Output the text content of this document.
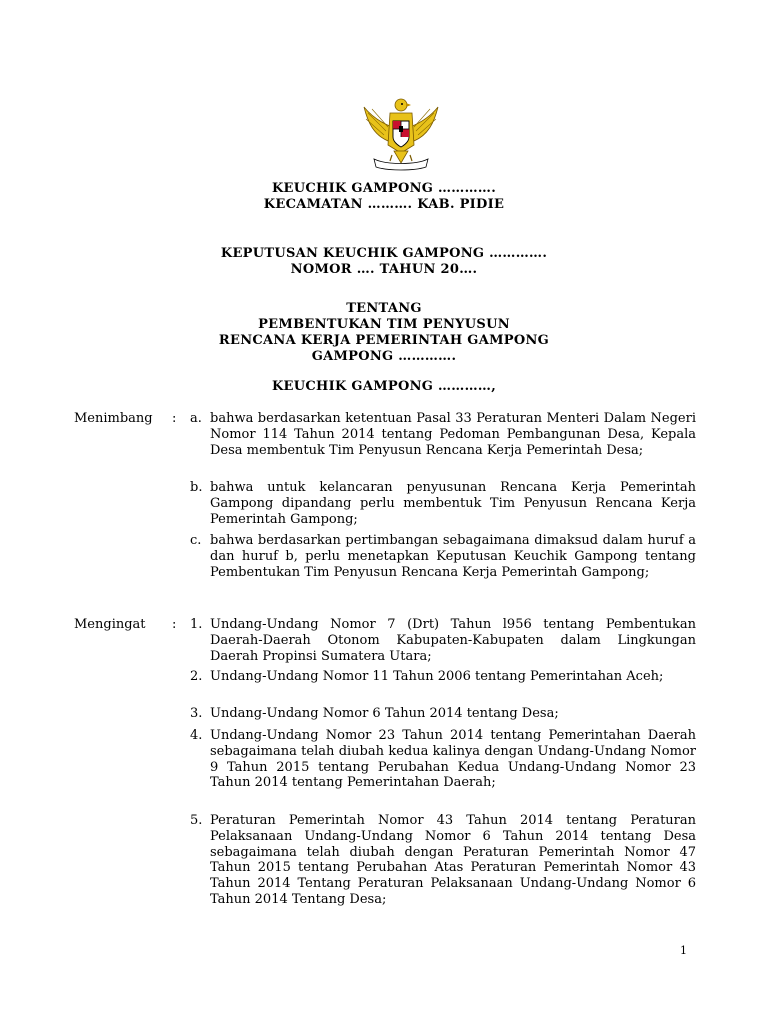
KEUCHIK GAMPONG ………….
KECAMATAN ………. KAB. PIDIE
KEPUTUSAN KEUCHIK GAMPONG ………….
NOMOR …. TAHUN 20….
TENTANG
PEMBENTUKAN TIM PENYUSUN
RENCANA KERJA PEMERINTAH GAMPONG
GAMPONG ………….
KEUCHIK GAMPONG …………,
Menimbang : a. bahwa berdasarkan ketentuan Pasal 33 Peraturan Menteri Dalam Negeri Nomor 114 Tahun 2014 tentang Pedoman Pembangunan Desa, Kepala Desa membentuk Tim Penyusun Rencana Kerja Pemerintah Desa;
b. bahwa untuk kelancaran penyusunan Rencana Kerja Pemerintah Gampong dipandang perlu membentuk Tim Penyusun Rencana Kerja Pemerintah Gampong;
c. bahwa berdasarkan pertimbangan sebagaimana dimaksud dalam huruf a dan huruf b, perlu menetapkan Keputusan Keuchik Gampong tentang Pembentukan Tim Penyusun Rencana Kerja Pemerintah Gampong;
Mengingat : 1. Undang-Undang Nomor 7 (Drt) Tahun l956 tentang Pembentukan Daerah-Daerah Otonom Kabupaten-Kabupaten dalam Lingkungan Daerah Propinsi Sumatera Utara;
2. Undang-Undang Nomor 11 Tahun 2006 tentang Pemerintahan Aceh;
3. Undang-Undang Nomor 6 Tahun 2014 tentang Desa;
4. Undang-Undang Nomor 23 Tahun 2014 tentang Pemerintahan Daerah sebagaimana telah diubah kedua kalinya dengan Undang-Undang Nomor 9 Tahun 2015 tentang Perubahan Kedua Undang-Undang Nomor 23 Tahun 2014 tentang Pemerintahan Daerah;
5. Peraturan Pemerintah Nomor 43 Tahun 2014 tentang Peraturan Pelaksanaan Undang-Undang Nomor 6 Tahun 2014 tentang Desa sebagaimana telah diubah dengan Peraturan Pemerintah Nomor 47 Tahun 2015 tentang Perubahan Atas Peraturan Pemerintah Nomor 43 Tahun 2014 Tentang Peraturan Pelaksanaan Undang-Undang Nomor 6 Tahun 2014 Tentang Desa;
1
